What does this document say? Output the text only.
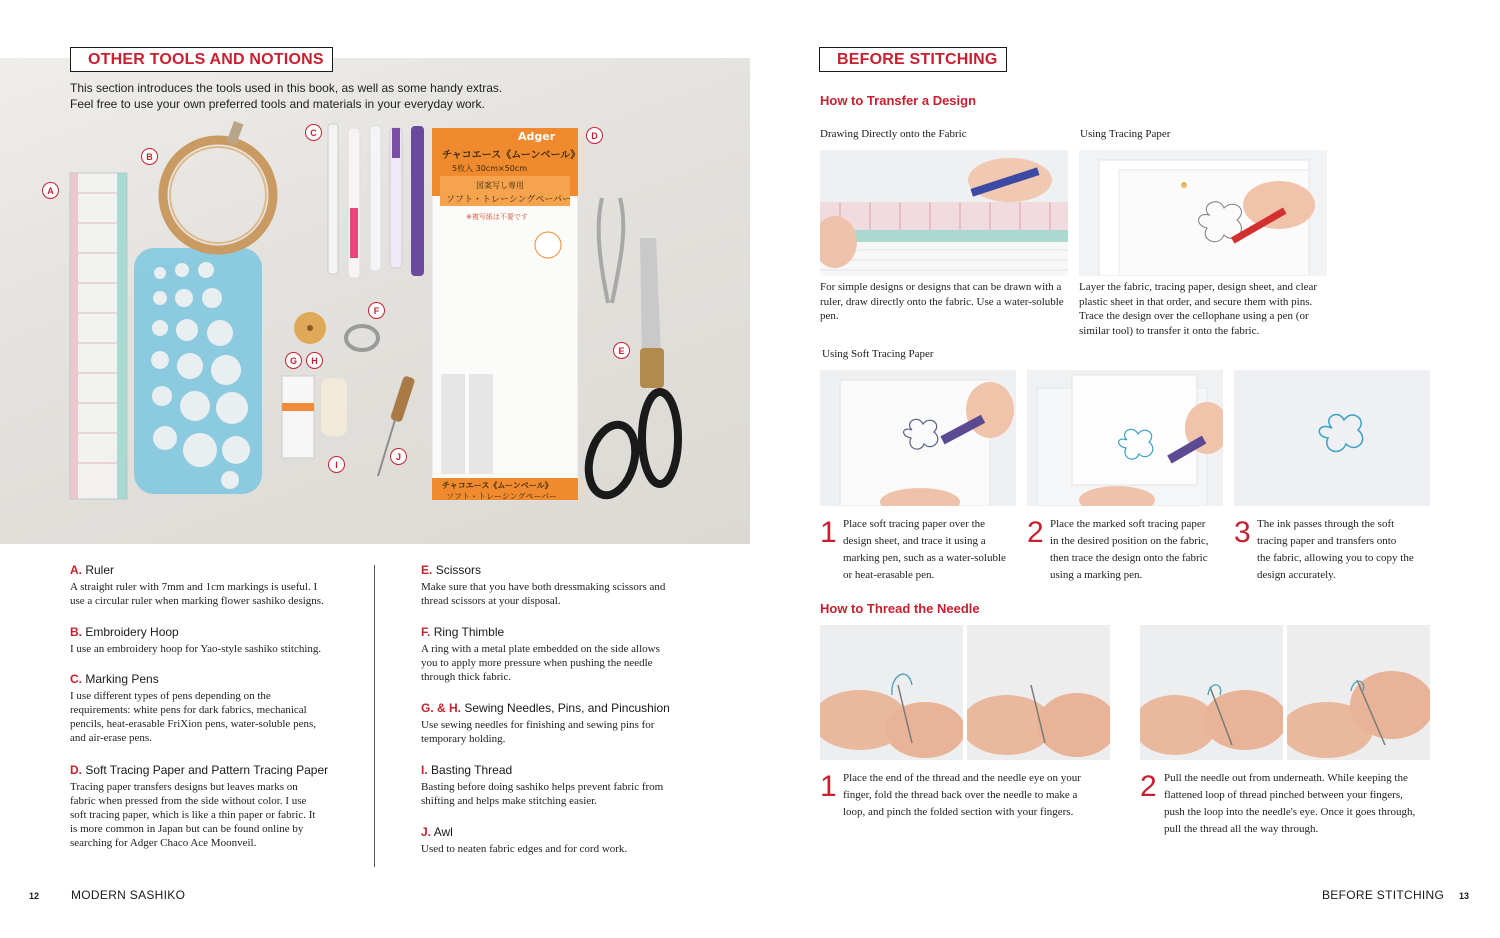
OTHER TOOLS AND NOTIONS

This section introduces the tools used in this book, as well as some handy extras.

Feel free to use your own preferred tools and materials in your everyday work.

A
B
C	D
E
F
G	H
I
J
Adger
チャコエース《ムーンベール》
5枚入 30cm×50cm
図案写し専用
ソフト・トレーシングペーパー
※複写紙は不要です
チャコエース《ムーンベール》
ソフト・トレーシングペーパー
A. Ruler
A straight ruler with 7mm and 1cm markings is useful. I
use a circular ruler when marking flower sashiko designs.
B. Embroidery Hoop
I use an embroidery hoop for Yao-style sashiko stitching.
C. Marking Pens
I use different types of pens depending on the
requirements: white pens for dark fabrics, mechanical
pencils, heat-erasable FriXion pens, water-soluble pens,
and air-erase pens.
D. Soft Tracing Paper and Pattern Tracing Paper
Tracing paper transfers designs but leaves marks on
fabric when pressed from the side without color. I use
soft tracing paper, which is like a thin paper or fabric. It
is more common in Japan but can be found online by
searching for Adger Chaco Ace Moonveil.
E. Scissors
Make sure that you have both dressmaking scissors and
thread scissors at your disposal.
F. Ring Thimble
A ring with a metal plate embedded on the side allows
you to apply more pressure when pushing the needle
through thick fabric.
G. & H. Sewing Needles, Pins, and Pincushion
Use sewing needles for finishing and sewing pins for
temporary holding.
I. Basting Thread
Basting before doing sashiko helps prevent fabric from
shifting and helps make stitching easier.
J. Awl
Used to neaten fabric edges and for cord work.
12	MODERN SASHIKO
BEFORE STITCHING
How to Transfer a Design
Drawing Directly onto the Fabric	Using Tracing Paper
For simple designs or designs that can be drawn with a
ruler, draw directly onto the fabric. Use a water-soluble
pen.
Layer the fabric, tracing paper, design sheet, and clear
plastic sheet in that order, and secure them with pins.
Trace the design over the cellophane using a pen (or
similar tool) to transfer it onto the fabric.
Using Soft Tracing Paper
1 Place soft tracing paper over the
design sheet, and trace it using a
marking pen, such as a water-soluble
or heat-erasable pen.
2 Place the marked soft tracing paper
in the desired position on the fabric,
then trace the design onto the fabric
using a marking pen.
3 The ink passes through the soft
tracing paper and transfers onto
the fabric, allowing you to copy the
design accurately.
How to Thread the Needle
1 Place the end of the thread and the needle eye on your
finger, fold the thread back over the needle to make a
loop, and pinch the folded section with your fingers.
2 Pull the needle out from underneath. While keeping the
flattened loop of thread pinched between your fingers,
push the loop into the needle's eye. Once it goes through,
pull the thread all the way through.
BEFORE STITCHING 13
